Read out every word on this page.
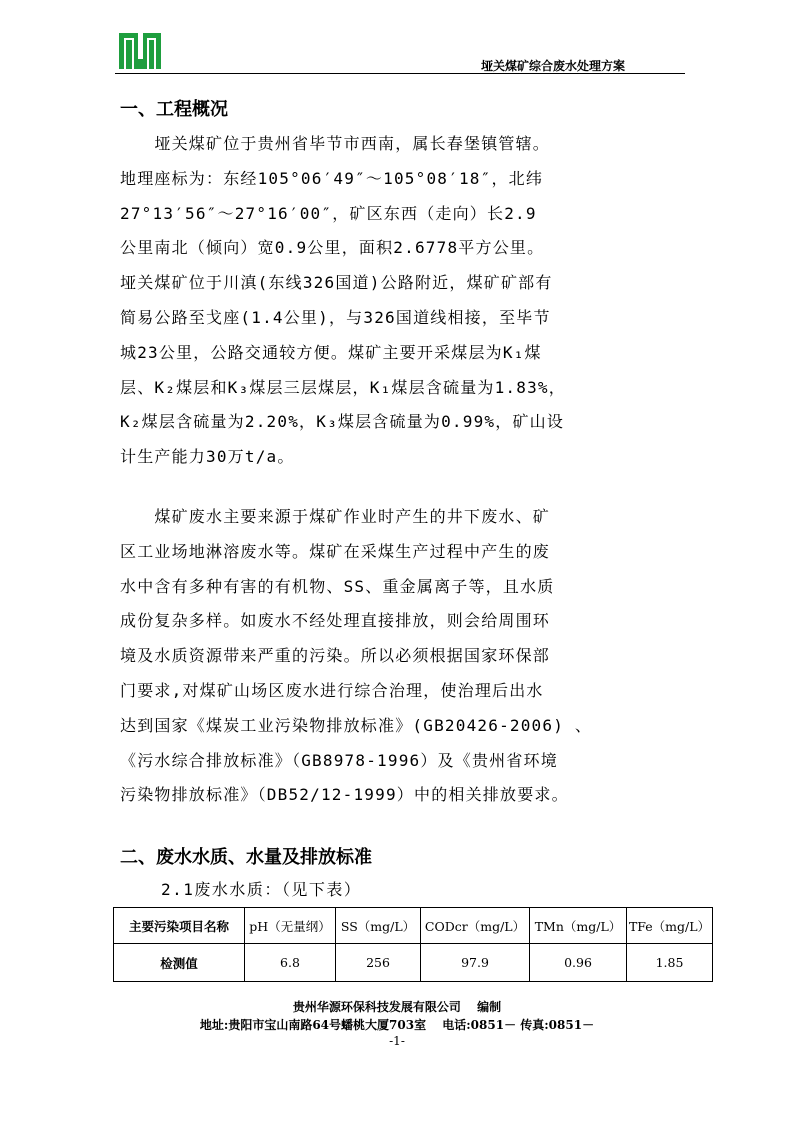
垭关煤矿综合废水处理方案
一、工程概况
　　垭关煤矿位于贵州省毕节市西南，属长春堡镇管辖。
地理座标为：东经105°06′49″～105°08′18″，北纬
27°13′56″～27°16′00″，矿区东西（走向）长2.9
公里南北（倾向）宽0.9公里，面积2.6778平方公里。
垭关煤矿位于川滇(东线326国道)公路附近，煤矿矿部有
简易公路至戈座(1.4公里)，与326国道线相接，至毕节
城23公里，公路交通较方便。煤矿主要开采煤层为K₁煤
层、K₂煤层和K₃煤层三层煤层，K₁煤层含硫量为1.83%，
K₂煤层含硫量为2.20%，K₃煤层含硫量为0.99%，矿山设
计生产能力30万t/a。
　　煤矿废水主要来源于煤矿作业时产生的井下废水、矿
区工业场地淋溶废水等。煤矿在采煤生产过程中产生的废
水中含有多种有害的有机物、SS、重金属离子等，且水质
成份复杂多样。如废水不经处理直接排放，则会给周围环
境及水质资源带来严重的污染。所以必须根据国家环保部
门要求,对煤矿山场区废水进行综合治理，使治理后出水
达到国家《煤炭工业污染物排放标准》(GB20426-2006) 、
《污水综合排放标准》（GB8978-1996）及《贵州省环境
污染物排放标准》（DB52/12-1999）中的相关排放要求。
二、废水水质、水量及排放标准
2.1废水水质：（见下表）
主要污染项目名称	pH（无量纲）	SS（mg/L）	CODcr（mg/L）	TMn（mg/L）	TFe（mg/L）
检测值	6.8	256	97.9	0.96	1.85
贵州华源环保科技发展有限公司　 编制
地址:贵阳市宝山南路64号蟠桃大厦703室　 电话:0851－ 传真:0851－
-1-
